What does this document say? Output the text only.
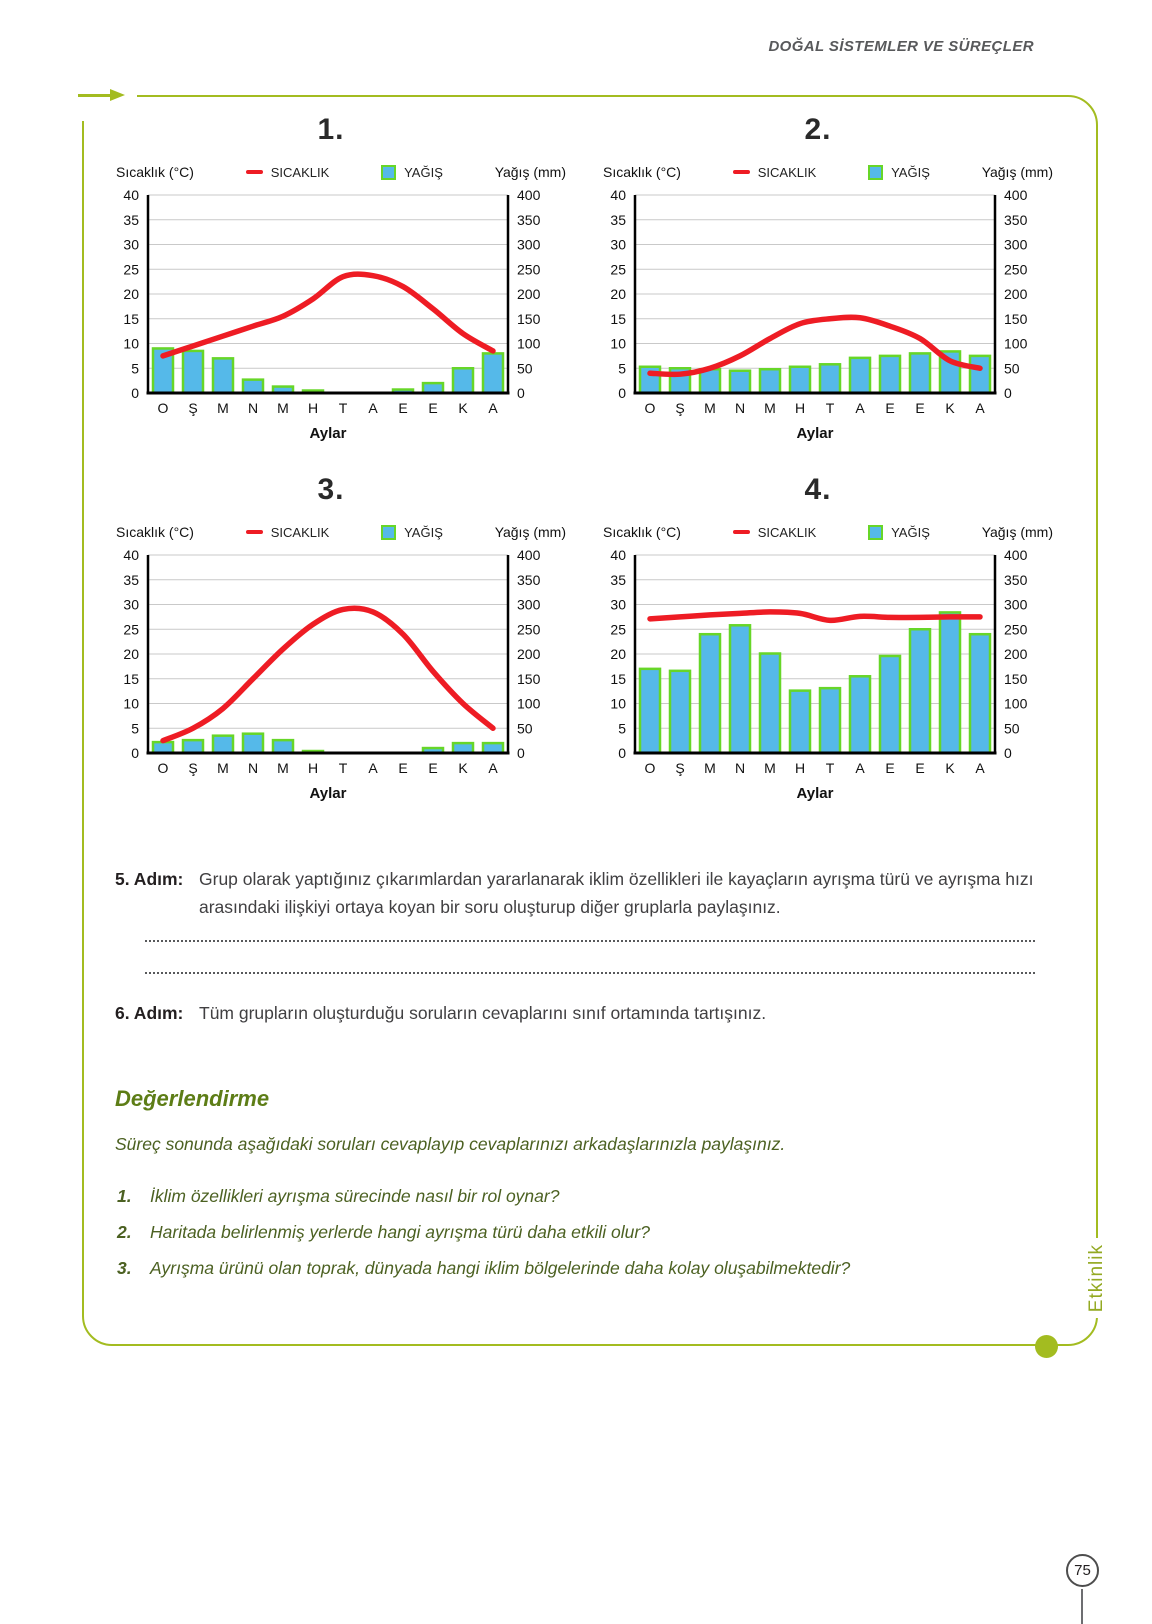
DOĞAL SİSTEMLER VE SÜREÇLER
1.
Sıcaklık (°C)	SICAKLIK	YAĞIŞ	Yağış (mm)
0
5
10
15
20
25
30
35
40
0
50
100
150
200
250
300
350
400
O Ş M N M H T A E E K A
Aylar
2.
Sıcaklık (°C)	SICAKLIK	YAĞIŞ	Yağış (mm)
0
5
10
15
20
25
30
35
40
0
50
100
150
200
250
300
350
400
O Ş M N M H T A E E K A
Aylar
3.
Sıcaklık (°C)	SICAKLIK	YAĞIŞ	Yağış (mm)
0
5
10
15
20
25
30
35
40
0
50
100
150
200
250
300
350
400
O Ş M N M H T A E E K A
Aylar
4.
Sıcaklık (°C)	SICAKLIK	YAĞIŞ	Yağış (mm)
0
5
10
15
20
25
30
35
40
0
50
100
150
200
250
300
350
400
O Ş M N M H T A E E K A
Aylar
5. Adım: Grup olarak yaptığınız çıkarımlardan yararlanarak iklim özellikleri ile kayaçların ayrışma türü ve ayrışma hızı arasındaki ilişkiyi ortaya koyan bir soru oluşturup diğer gruplarla paylaşınız.
6. Adım: Tüm grupların oluşturduğu soruların cevaplarını sınıf ortamında tartışınız.
Değerlendirme
Süreç sonunda aşağıdaki soruları cevaplayıp cevaplarınızı arkadaşlarınızla paylaşınız.
1. İklim özellikleri ayrışma sürecinde nasıl bir rol oynar?
2. Haritada belirlenmiş yerlerde hangi ayrışma türü daha etkili olur?
3. Ayrışma ürünü olan toprak, dünyada hangi iklim bölgelerinde daha kolay oluşabilmektedir?	Etkinlik
75
